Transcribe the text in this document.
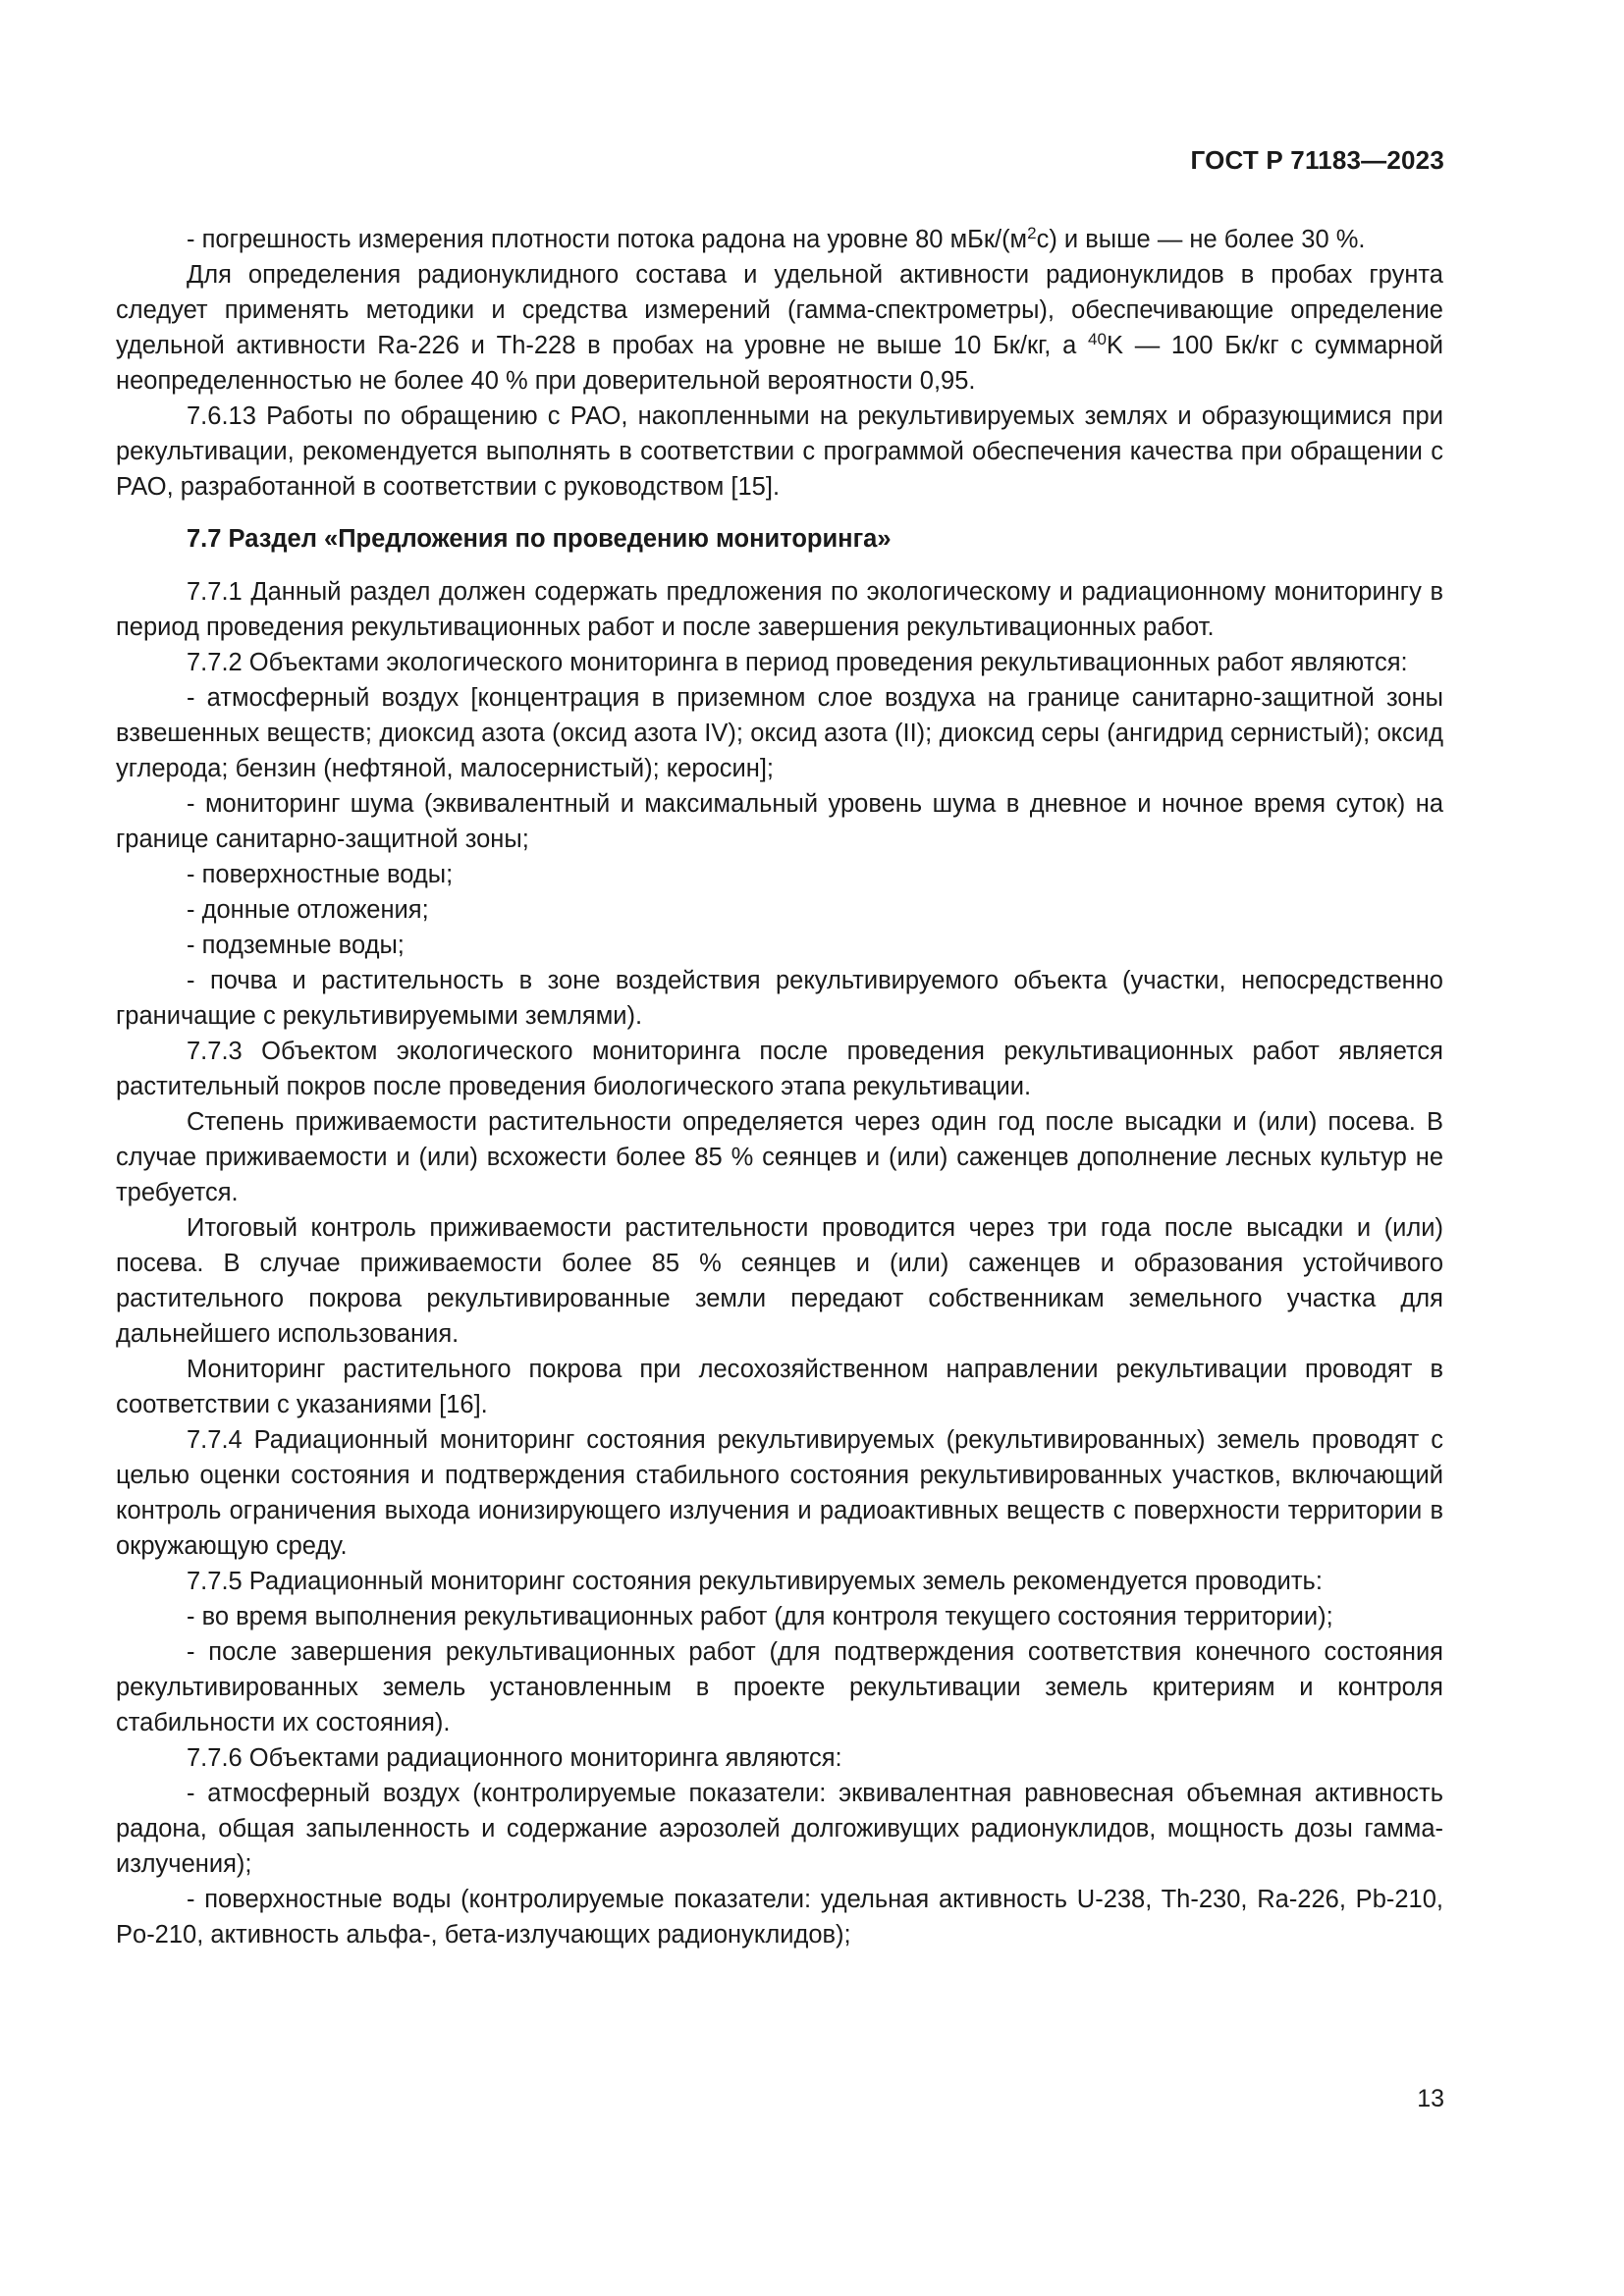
ГОСТ Р 71183—2023

- погрешность измерения плотности потока радона на уровне 80 мБк/$(м^2с)$ и выше — не более 30 %.

Для определения радионуклидного состава и удельной активности радионуклидов в пробах грунта следует применять методики и средства измерений (гамма-спектрометры), обеспечивающие определение удельной активности Ra-226 и Th-228 в пробах на уровне не выше 10 Бк/кг, а $^{40}$K — 100 Бк/кг с суммарной неопределенностью не более 40 % при доверительной вероятности 0,95.

7.6.13 Работы по обращению с РАО, накопленными на рекультивируемых землях и образующимися при рекультивации, рекомендуется выполнять в соответствии с программой обеспечения качества при обращении с РАО, разработанной в соответствии с руководством [15].

7.7 Раздел «Предложения по проведению мониторинга»

7.7.1 Данный раздел должен содержать предложения по экологическому и радиационному мониторингу в период проведения рекультивационных работ и после завершения рекультивационных работ.

7.7.2 Объектами экологического мониторинга в период проведения рекультивационных работ являются:

- атмосферный воздух [концентрация в приземном слое воздуха на границе санитарно-защитной зоны взвешенных веществ; диоксид азота (оксид азота IV); оксид азота (II); диоксид серы (ангидрид сернистый); оксид углерода; бензин (нефтяной, малосернистый); керосин];

- мониторинг шума (эквивалентный и максимальный уровень шума в дневное и ночное время суток) на границе санитарно-защитной зоны;

- поверхностные воды;

- донные отложения;

- подземные воды;

- почва и растительность в зоне воздействия рекультивируемого объекта (участки, непосредственно граничащие с рекультивируемыми землями).

7.7.3 Объектом экологического мониторинга после проведения рекультивационных работ является растительный покров после проведения биологического этапа рекультивации.

Степень приживаемости растительности определяется через один год после высадки и (или) посева. В случае приживаемости и (или) всхожести более 85 % сеянцев и (или) саженцев дополнение лесных культур не требуется.

Итоговый контроль приживаемости растительности проводится через три года после высадки и (или) посева. В случае приживаемости более 85 % сеянцев и (или) саженцев и образования устойчивого растительного покрова рекультивированные земли передают собственникам земельного участка для дальнейшего использования.

Мониторинг растительного покрова при лесохозяйственном направлении рекультивации проводят в соответствии с указаниями [16].

7.7.4 Радиационный мониторинг состояния рекультивируемых (рекультивированных) земель проводят с целью оценки состояния и подтверждения стабильного состояния рекультивированных участков, включающий контроль ограничения выхода ионизирующего излучения и радиоактивных веществ с поверхности территории в окружающую среду.

7.7.5 Радиационный мониторинг состояния рекультивируемых земель рекомендуется проводить:

- во время выполнения рекультивационных работ (для контроля текущего состояния территории);

- после завершения рекультивационных работ (для подтверждения соответствия конечного состояния рекультивированных земель установленным в проекте рекультивации земель критериям и контроля стабильности их состояния).

7.7.6 Объектами радиационного мониторинга являются:

- атмосферный воздух (контролируемые показатели: эквивалентная равновесная объемная активность радона, общая запыленность и содержание аэрозолей долгоживущих радионуклидов, мощность дозы гамма-излучения);

- поверхностные воды (контролируемые показатели: удельная активность U-238, Th-230, Ra-226, Pb-210, Po-210, активность альфа-, бета-излучающих радионуклидов);

13
